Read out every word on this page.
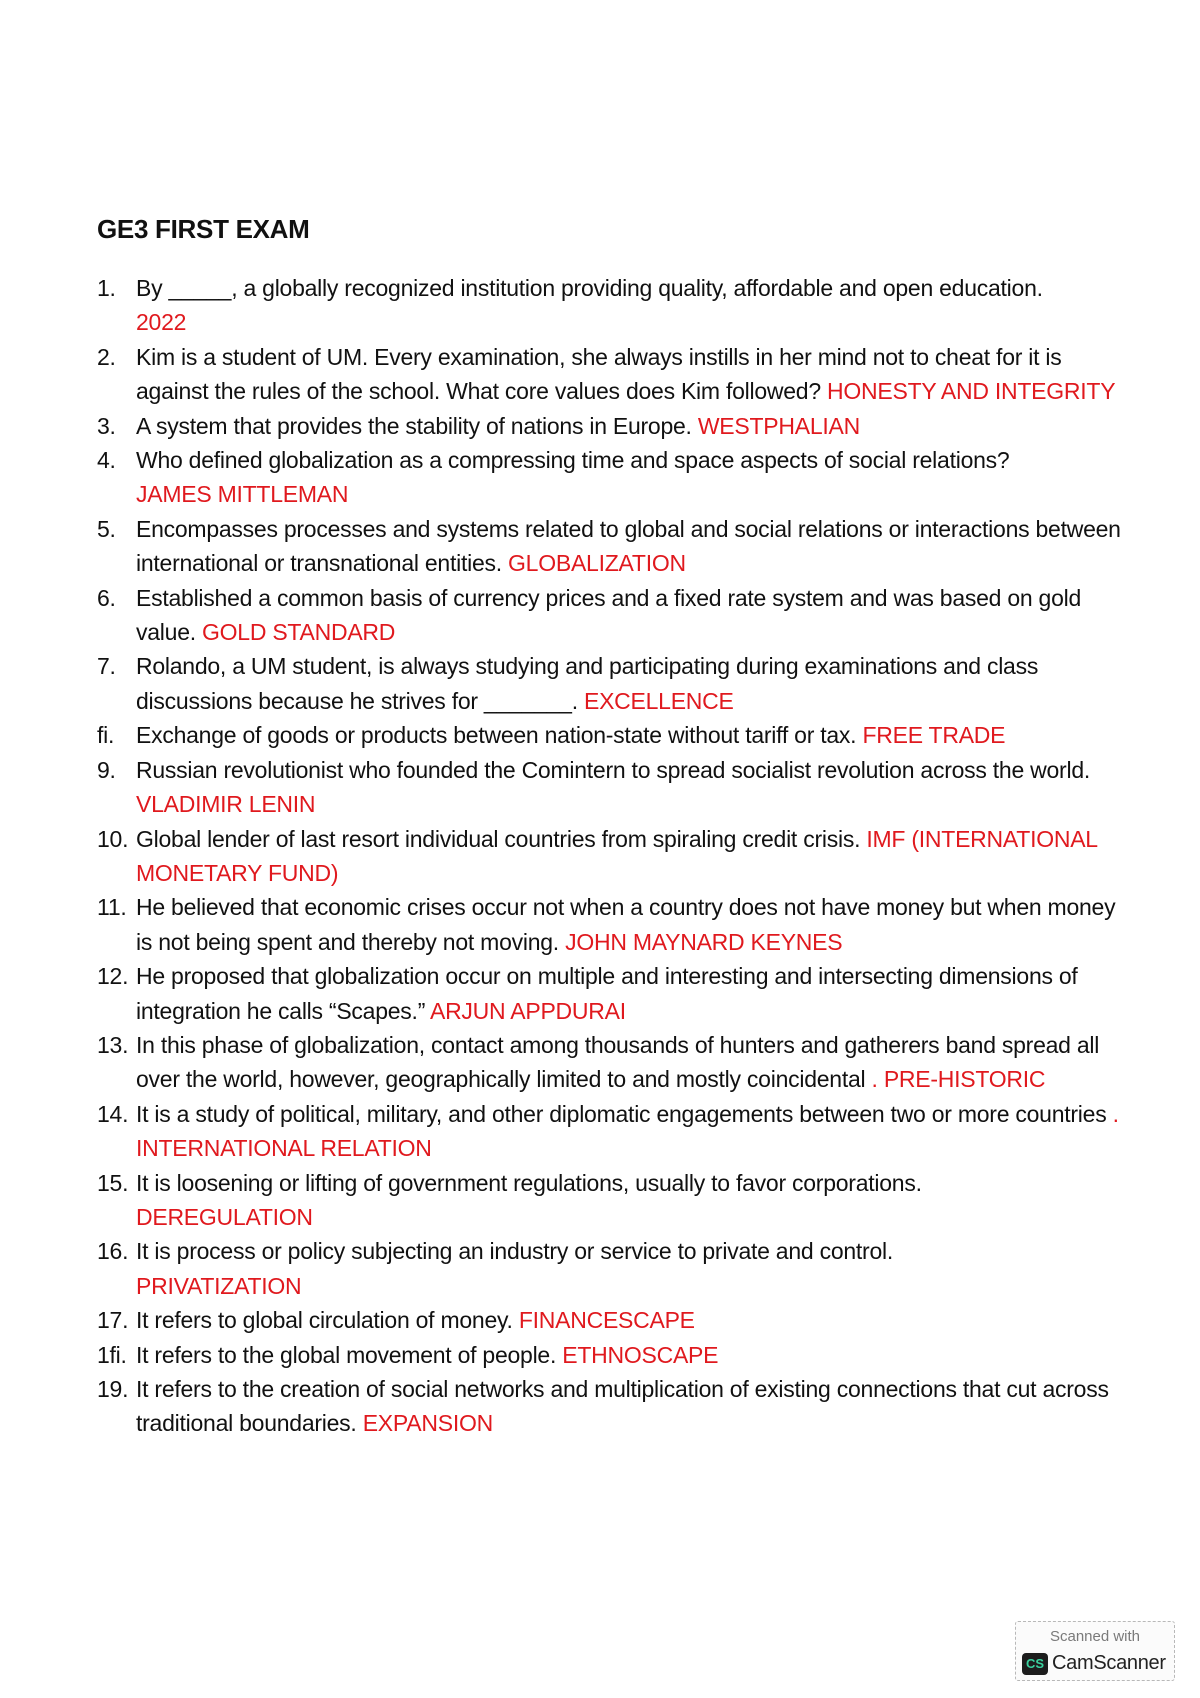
GE3 FIRST EXAM
1. By _____, a globally recognized institution providing quality, affordable and open education.
2022
2. Kim is a student of UM. Every examination, she always instills in her mind not to cheat for it is against the rules of the school. What core values does Kim followed? HONESTY AND INTEGRITY
3. A system that provides the stability of nations in Europe. WESTPHALIAN
4. Who defined globalization as a compressing time and space aspects of social relations?
JAMES MITTLEMAN
5. Encompasses processes and systems related to global and social relations or interactions between international or transnational entities. GLOBALIZATION
6. Established a common basis of currency prices and a fixed rate system and was based on gold value. GOLD STANDARD
7. Rolando, a UM student, is always studying and participating during examinations and class discussions because he strives for _______. EXCELLENCE
fi. Exchange of goods or products between nation-state without tariff or tax. FREE TRADE
9. Russian revolutionist who founded the Comintern to spread socialist revolution across the world. VLADIMIR LENIN
10. Global lender of last resort individual countries from spiraling credit crisis. IMF (INTERNATIONAL MONETARY FUND)
11. He believed that economic crises occur not when a country does not have money but when money is not being spent and thereby not moving. JOHN MAYNARD KEYNES
12. He proposed that globalization occur on multiple and interesting and intersecting dimensions of integration he calls “Scapes.” ARJUN APPDURAI
13. In this phase of globalization, contact among thousands of hunters and gatherers band spread all over the world, however, geographically limited to and mostly coincidental . PRE-HISTORIC
14. It is a study of political, military, and other diplomatic engagements between two or more countries . INTERNATIONAL RELATION
15. It is loosening or lifting of government regulations, usually to favor corporations.
DEREGULATION
16. It is process or policy subjecting an industry or service to private and control.
PRIVATIZATION
17. It refers to global circulation of money. FINANCESCAPE
1fi. It refers to the global movement of people. ETHNOSCAPE
19. It refers to the creation of social networks and multiplication of existing connections that cut across traditional boundaries. EXPANSION
Scanned with
CS CamScanner
